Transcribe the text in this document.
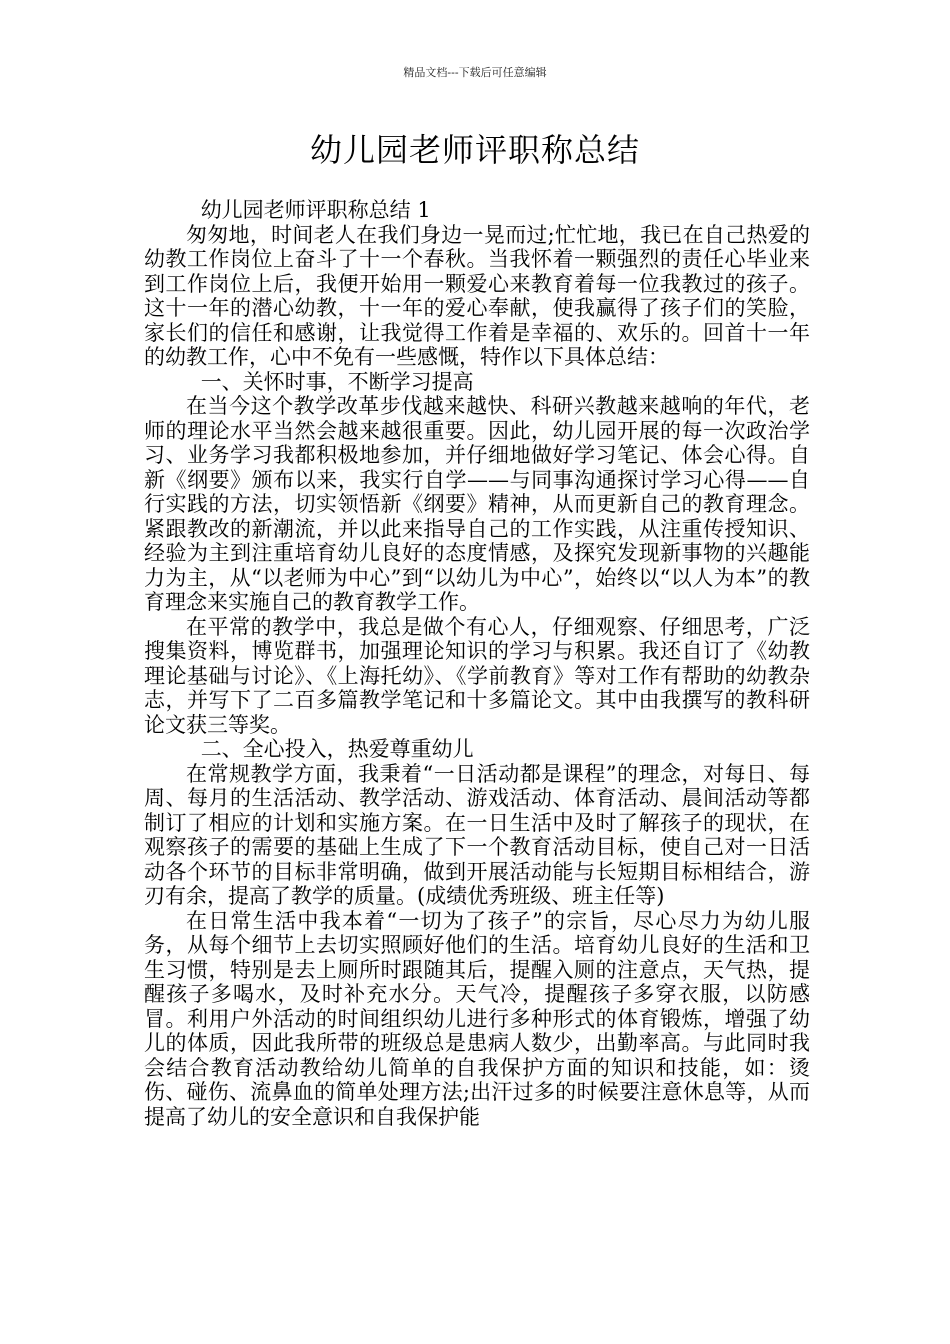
精品文档---下载后可任意编辑
幼儿园老师评职称总结

幼儿园老师评职称总结 1

匆匆地，时间老人在我们身边一晃而过;忙忙地，我已在自己热爱的幼教工作岗位上奋斗了十一个春秋。当我怀着一颗强烈的责任心毕业来到工作岗位上后，我便开始用一颗爱心来教育着每一位我教过的孩子。这十一年的潜心幼教，十一年的爱心奉献，使我赢得了孩子们的笑脸，家长们的信任和感谢，让我觉得工作着是幸福的、欢乐的。回首十一年的幼教工作，心中不免有一些感慨，特作以下具体总结：

一、关怀时事，不断学习提高

在当今这个教学改革步伐越来越快、科研兴教越来越响的年代，老师的理论水平当然会越来越很重要。因此，幼儿园开展的每一次政治学习、业务学习我都积极地参加，并仔细地做好学习笔记、体会心得。自新《纲要》颁布以来，我实行自学——与同事沟通探讨学习心得——自行实践的方法，切实领悟新《纲要》精神，从而更新自己的教育理念。紧跟教改的新潮流，并以此来指导自己的工作实践，从注重传授知识、经验为主到注重培育幼儿良好的态度情感，及探究发现新事物的兴趣能力为主，从“以老师为中心”到“以幼儿为中心”，始终以“以人为本”的教育理念来实施自己的教育教学工作。

在平常的教学中，我总是做个有心人，仔细观察、仔细思考，广泛搜集资料，博览群书，加强理论知识的学习与积累。我还自订了《幼教理论基础与讨论》、《上海托幼》、《学前教育》等对工作有帮助的幼教杂志，并写下了二百多篇教学笔记和十多篇论文。其中由我撰写的教科研论文获三等奖。

二、全心投入，热爱尊重幼儿

在常规教学方面，我秉着“一日活动都是课程”的理念，对每日、每周、每月的生活活动、教学活动、游戏活动、体育活动、晨间活动等都制订了相应的计划和实施方案。在一日生活中及时了解孩子的现状，在观察孩子的需要的基础上生成了下一个教育活动目标，使自己对一日活动各个环节的目标非常明确，做到开展活动能与长短期目标相结合，游刃有余，提高了教学的质量。(成绩优秀班级、班主任等)

在日常生活中我本着“一切为了孩子”的宗旨，尽心尽力为幼儿服务，从每个细节上去切实照顾好他们的生活。培育幼儿良好的生活和卫生习惯，特别是去上厕所时跟随其后，提醒入厕的注意点，天气热，提醒孩子多喝水，及时补充水分。天气冷，提醒孩子多穿衣服，以防感冒。利用户外活动的时间组织幼儿进行多种形式的体育锻炼，增强了幼儿的体质，因此我所带的班级总是患病人数少，出勤率高。与此同时我会结合教育活动教给幼儿简单的自我保护方面的知识和技能，如：烫伤、碰伤、流鼻血的简单处理方法;出汗过多的时候要注意休息等，从而提高了幼儿的安全意识和自我保护能
